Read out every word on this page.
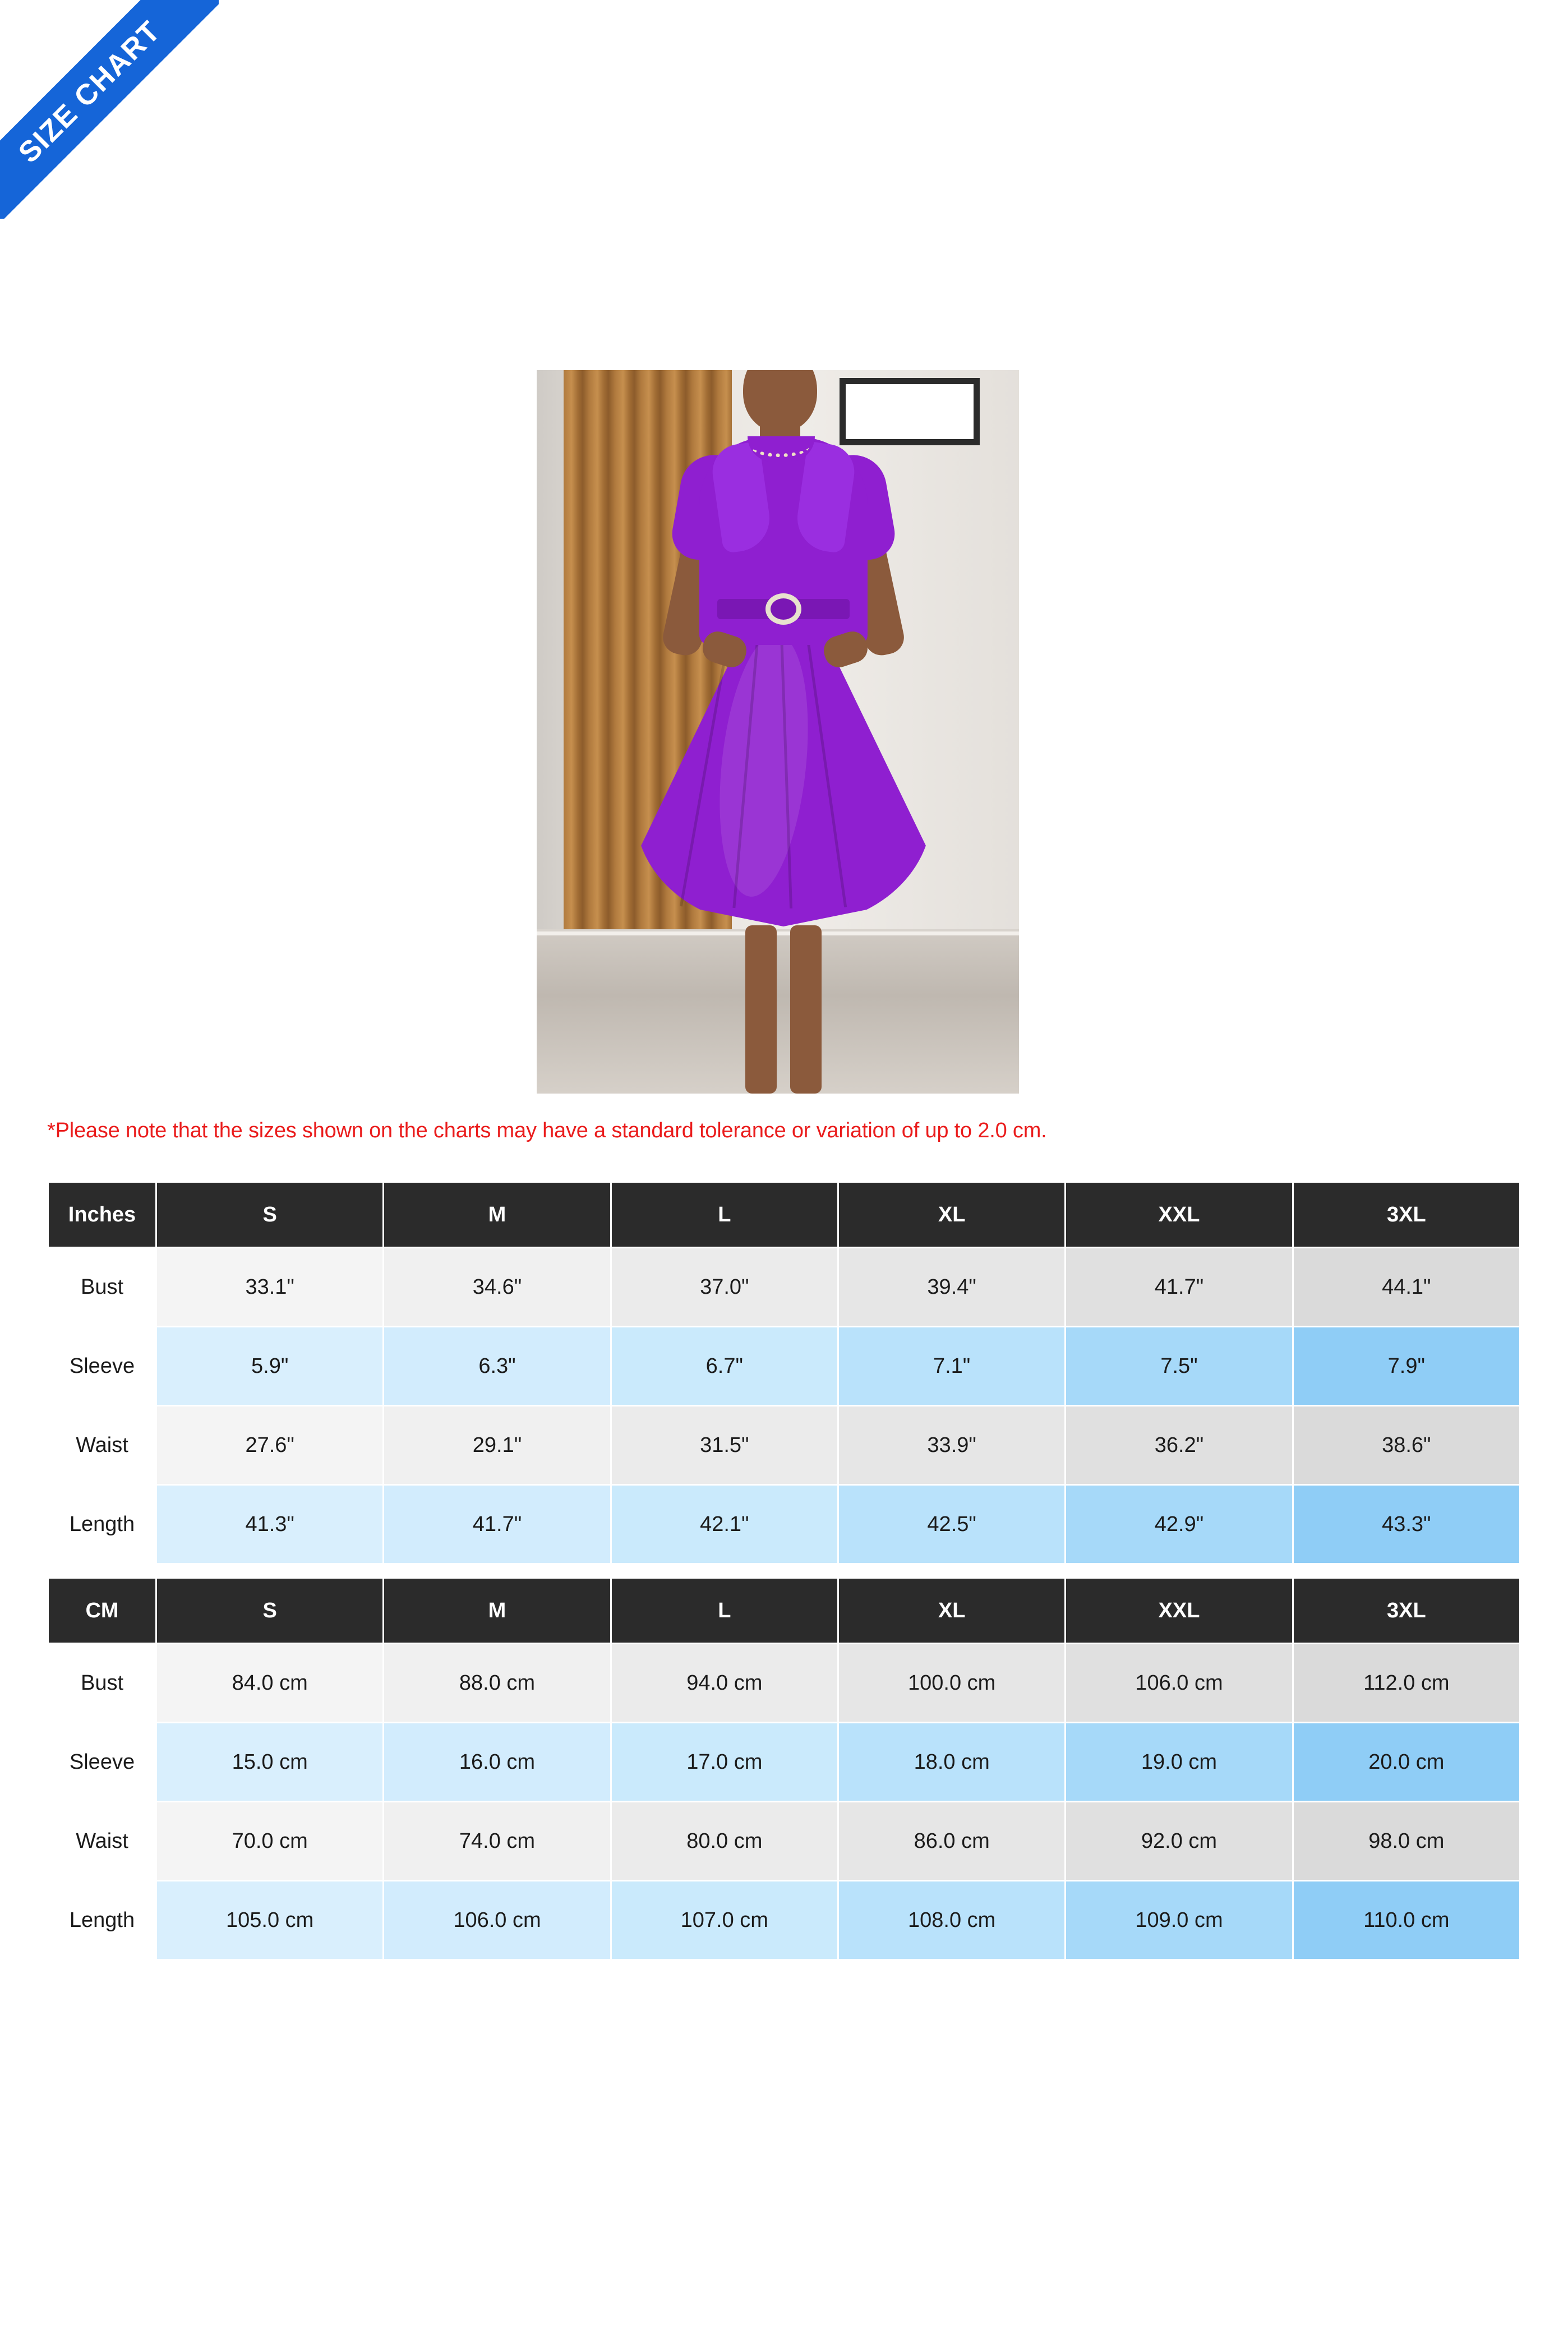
SIZE CHART
*Please note that the sizes shown on the charts may have a standard tolerance or variation of up to 2.0 cm.
Inches	S	M	L	XL	XXL	3XL
Bust	33.1"	34.6"	37.0"	39.4"	41.7"	44.1"
Sleeve	5.9"	6.3"	6.7"	7.1"	7.5"	7.9"
Waist	27.6"	29.1"	31.5"	33.9"	36.2"	38.6"
Length	41.3"	41.7"	42.1"	42.5"	42.9"	43.3"
CM	S	M	L	XL	XXL	3XL
Bust	84.0 cm	88.0 cm	94.0 cm	100.0 cm	106.0 cm	112.0 cm
Sleeve	15.0 cm	16.0 cm	17.0 cm	18.0 cm	19.0 cm	20.0 cm
Waist	70.0 cm	74.0 cm	80.0 cm	86.0 cm	92.0 cm	98.0 cm
Length	105.0 cm	106.0 cm	107.0 cm	108.0 cm	109.0 cm	110.0 cm
